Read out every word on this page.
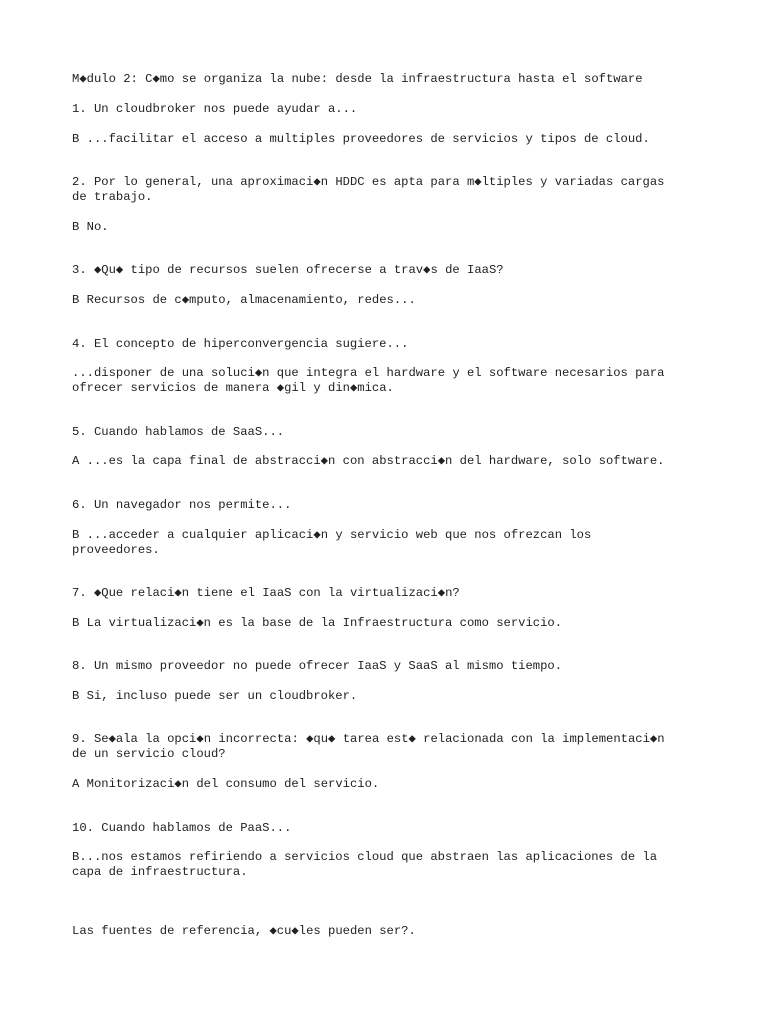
M◆dulo 2: C◆mo se organiza la nube: desde la infraestructura hasta el software

1. Un cloudbroker nos puede ayudar a...

B ...facilitar el acceso a multiples proveedores de servicios y tipos de cloud.

2. Por lo general, una aproximaci◆n HDDC es apta para m◆ltiples y variadas cargas

de trabajo.

B No.

3. ◆Qu◆ tipo de recursos suelen ofrecerse a trav◆s de IaaS?

B Recursos de c◆mputo, almacenamiento, redes...

4. El concepto de hiperconvergencia sugiere...

...disponer de una soluci◆n que integra el hardware y el software necesarios para

ofrecer servicios de manera ◆gil y din◆mica.

5. Cuando hablamos de SaaS...

A ...es la capa final de abstracci◆n con abstracci◆n del hardware, solo software.

6. Un navegador nos permite...

B ...acceder a cualquier aplicaci◆n y servicio web que nos ofrezcan los

proveedores.

7. ◆Que relaci◆n tiene el IaaS con la virtualizaci◆n?

B La virtualizaci◆n es la base de la Infraestructura como servicio.

8. Un mismo proveedor no puede ofrecer IaaS y SaaS al mismo tiempo.

B Si, incluso puede ser un cloudbroker.

9. Se◆ala la opci◆n incorrecta: ◆qu◆ tarea est◆ relacionada con la implementaci◆n

de un servicio cloud?

A Monitorizaci◆n del consumo del servicio.

10. Cuando hablamos de PaaS...

B...nos estamos refiriendo a servicios cloud que abstraen las aplicaciones de la

capa de infraestructura.

Las fuentes de referencia, ◆cu◆les pueden ser?.
